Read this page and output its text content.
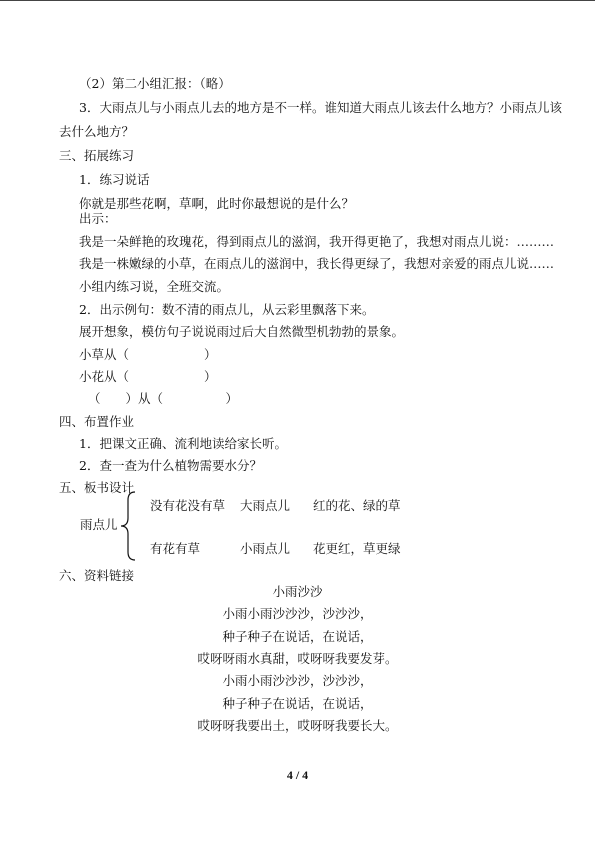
（2）第二小组汇报：（略）
3．大雨点儿与小雨点儿去的地方是不一样。谁知道大雨点儿该去什么地方？小雨点儿该
去什么地方？
三、拓展练习
1．练习说话
你就是那些花啊，草啊，此时你最想说的是什么？
出示：
我是一朵鲜艳的玫瑰花，得到雨点儿的滋润，我开得更艳了，我想对雨点儿说：………
我是一株嫩绿的小草，在雨点儿的滋润中，我长得更绿了，我想对亲爱的雨点儿说……
小组内练习说，全班交流。
2．出示例句：数不清的雨点儿，从云彩里飘落下来。
展开想象，模仿句子说说雨过后大自然微型机勃勃的景象。
小草从（　　　　　　）
小花从（　　　　　　）
（　　）从（　　　　　）
四、布置作业
1．把课文正确、流利地读给家长听。
2．查一查为什么植物需要水分？
五、板书设计
雨点儿
没有花没有草 大雨点儿 红的花、绿的草
有花有草	小雨点儿 花更红，草更绿
六、资料链接
小雨沙沙
小雨小雨沙沙沙，沙沙沙，
种子种子在说话，在说话，
哎呀呀雨水真甜，哎呀呀我要发芽。
小雨小雨沙沙沙，沙沙沙，
种子种子在说话，在说话，
哎呀呀我要出土，哎呀呀我要长大。
4 / 4
